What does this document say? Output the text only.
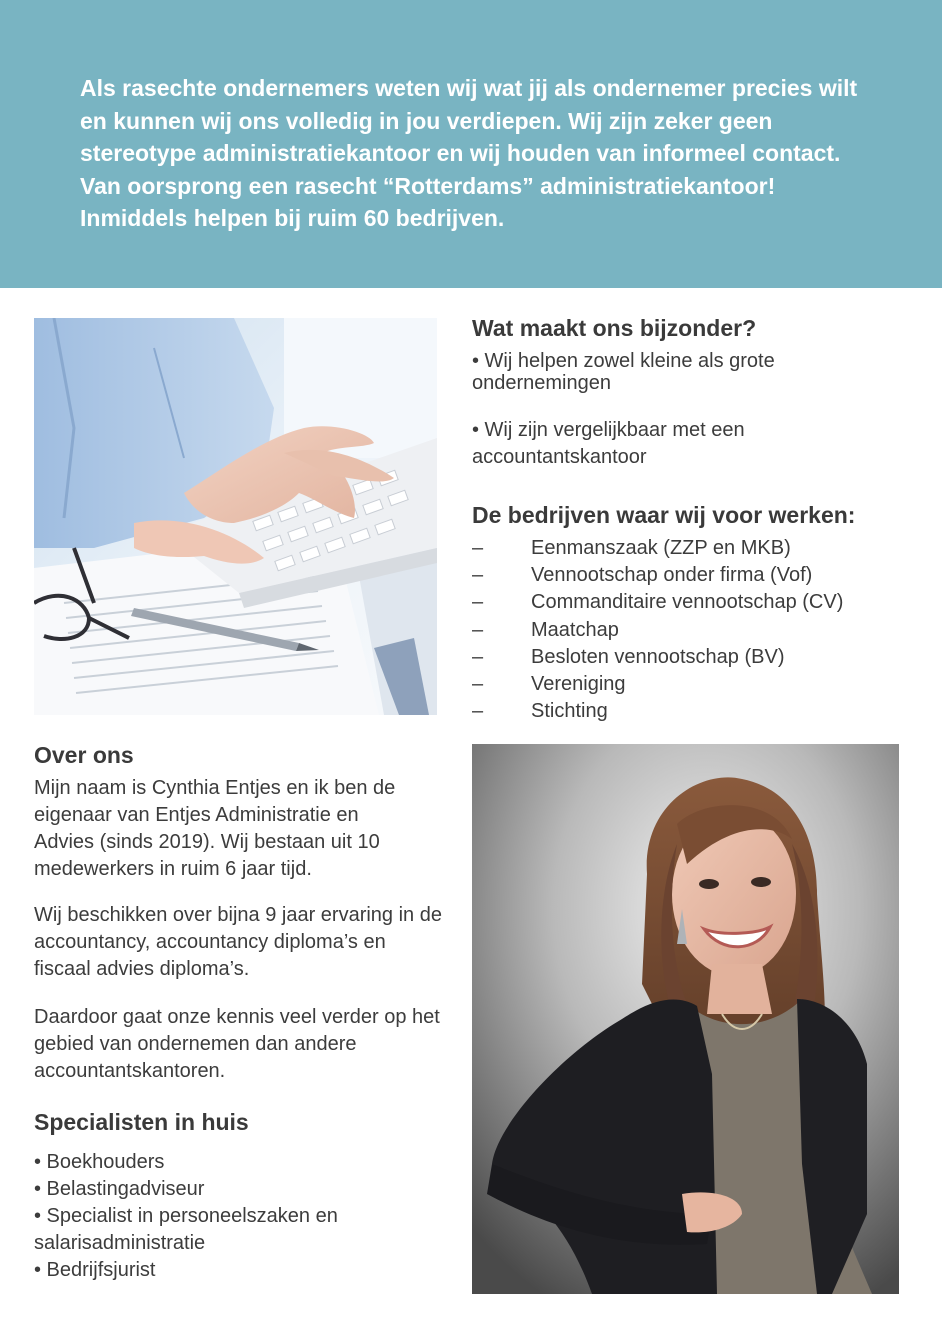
Als rasechte ondernemers weten wij wat jij als ondernemer precies wilt en kunnen wij ons volledig in jou verdiepen. Wij zijn zeker geen stereotype administratiekantoor en wij houden van informeel contact. Van oorsprong een rasecht “Rotterdams” administratiekantoor! Inmiddels helpen bij ruim 60 bedrijven.

Wat maakt ons bijzonder?

• Wij helpen zowel kleine als grote ondernemingen

• Wij zijn vergelijkbaar met een accountantskantoor

De bedrijven waar wij voor werken:
– Eenmanszaak (ZZP en MKB)
– Vennootschap onder firma (Vof)
– Commanditaire vennootschap (CV)
– Maatchap
– Besloten vennootschap (BV)
– Vereniging
– Stichting
Over ons

Mijn naam is Cynthia Entjes en ik ben de eigenaar van Entjes Administratie en Advies (sinds 2019). Wij bestaan uit 10 medewerkers in ruim 6 jaar tijd.

Wij beschikken over bijna 9 jaar ervaring in de accountancy, accountancy diploma’s en fiscaal advies diploma’s.

Daardoor gaat onze kennis veel verder op het gebied van ondernemen dan andere accountantskantoren.

Specialisten in huis
• Boekhouders
• Belastingadviseur
• Specialist in personeelszaken en salarisadministratie
• Bedrijfsjurist
